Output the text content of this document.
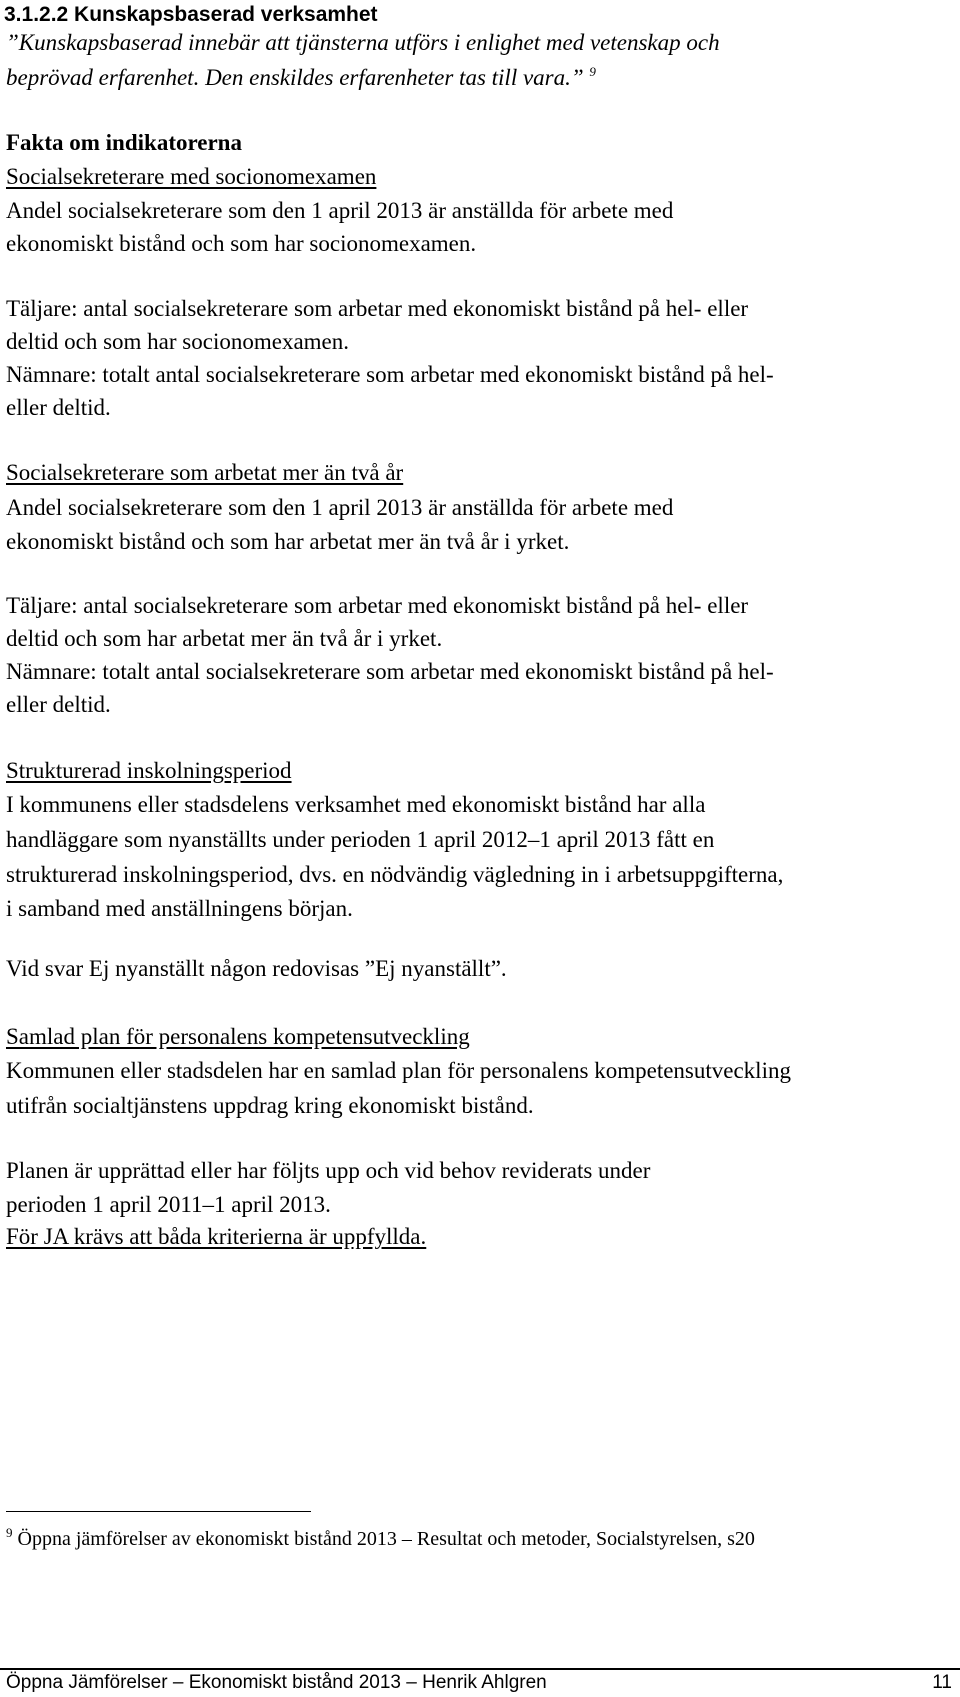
3.1.2.2 Kunskapsbaserad verksamhet
”Kunskapsbaserad innebär att tjänsterna utförs i enlighet med vetenskap och
beprövad erfarenhet. Den enskildes erfarenheter tas till vara.” $^9$
Fakta om indikatorerna
Socialsekreterare med socionomexamen
Andel socialsekreterare som den 1 april 2013 är anställda för arbete med
ekonomiskt bistånd och som har socionomexamen.
Täljare: antal socialsekreterare som arbetar med ekonomiskt bistånd på hel- eller
deltid och som har socionomexamen.
Nämnare: totalt antal socialsekreterare som arbetar med ekonomiskt bistånd på hel-
eller deltid.
Socialsekreterare som arbetat mer än två år
Andel socialsekreterare som den 1 april 2013 är anställda för arbete med
ekonomiskt bistånd och som har arbetat mer än två år i yrket.
Täljare: antal socialsekreterare som arbetar med ekonomiskt bistånd på hel- eller
deltid och som har arbetat mer än två år i yrket.
Nämnare: totalt antal socialsekreterare som arbetar med ekonomiskt bistånd på hel-
eller deltid.
Strukturerad inskolningsperiod
I kommunens eller stadsdelens verksamhet med ekonomiskt bistånd har alla
handläggare som nyanställts under perioden 1 april 2012–1 april 2013 fått en
strukturerad inskolningsperiod, dvs. en nödvändig vägledning in i arbetsuppgifterna,
i samband med anställningens början.
Vid svar Ej nyanställt någon redovisas ”Ej nyanställt”.
Samlad plan för personalens kompetensutveckling
Kommunen eller stadsdelen har en samlad plan för personalens kompetensutveckling
utifrån socialtjänstens uppdrag kring ekonomiskt bistånd.
Planen är upprättad eller har följts upp och vid behov reviderats under
perioden 1 april 2011–1 april 2013.
För JA krävs att båda kriterierna är uppfyllda.
$^9$ Öppna jämförelser av ekonomiskt bistånd 2013 – Resultat och metoder, Socialstyrelsen, s20
Öppna Jämförelser – Ekonomiskt bistånd 2013 – Henrik Ahlgren	11
